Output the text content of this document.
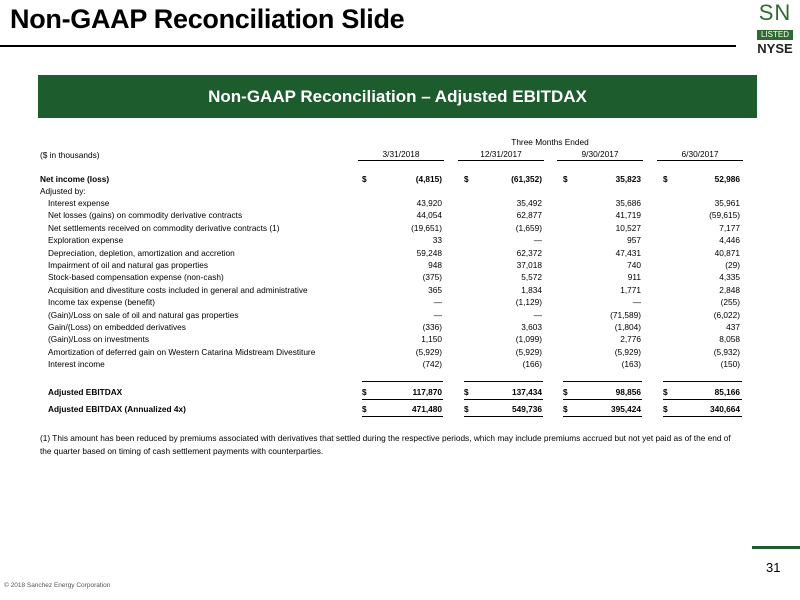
Non-GAAP Reconciliation Slide	SN
LISTED
NYSE
Non-GAAP Reconciliation – Adjusted EBITDAX
Three Months Ended
($ in thousands)	3/31/2018	12/31/2017	9/30/2017	6/30/2017
Net income (loss)	$	(4,815)	$	(61,352)	$	35,823	$	52,986
Adjusted by:
Interest expense	43,920	35,492	35,686	35,961
Net losses (gains) on commodity derivative contracts	44,054	62,877	41,719	(59,615)
Net settlements received on commodity derivative contracts (1)	(19,651)	(1,659)	10,527	7,177
Exploration expense	33	—	957	4,446
Depreciation, depletion, amortization and accretion	59,248	62,372	47,431	40,871
Impairment of oil and natural gas properties	948	37,018	740	(29)
Stock-based compensation expense (non-cash)	(375)	5,572	911	4,335
Acquisition and divestiture costs included in general and administrative	365	1,834	1,771	2,848
Income tax expense (benefit)	—	(1,129)	—	(255)
(Gain)/Loss on sale of oil and natural gas properties	—	—	(71,589)	(6,022)
Gain/(Loss) on embedded derivatives	(336)	3,603	(1,804)	437
(Gain)/Loss on investments	1,150	(1,099)	2,776	8,058
Amortization of deferred gain on Western Catarina Midstream Divestiture	(5,929)	(5,929)	(5,929)	(5,932)
Interest income	(742)	(166)	(163)	(150)
Adjusted EBITDAX	$	117,870	$	137,434	$	98,856	$	85,166
Adjusted EBITDAX (Annualized 4x)	$	471,480	$	549,736	$	395,424	$	340,664
(1) This amount has been reduced by premiums associated with derivatives that settled during the respective periods, which may include premiums accrued but not yet paid as of the end of the quarter based on timing of cash settlement payments with counterparties.
31
© 2018 Sanchez Energy Corporation
